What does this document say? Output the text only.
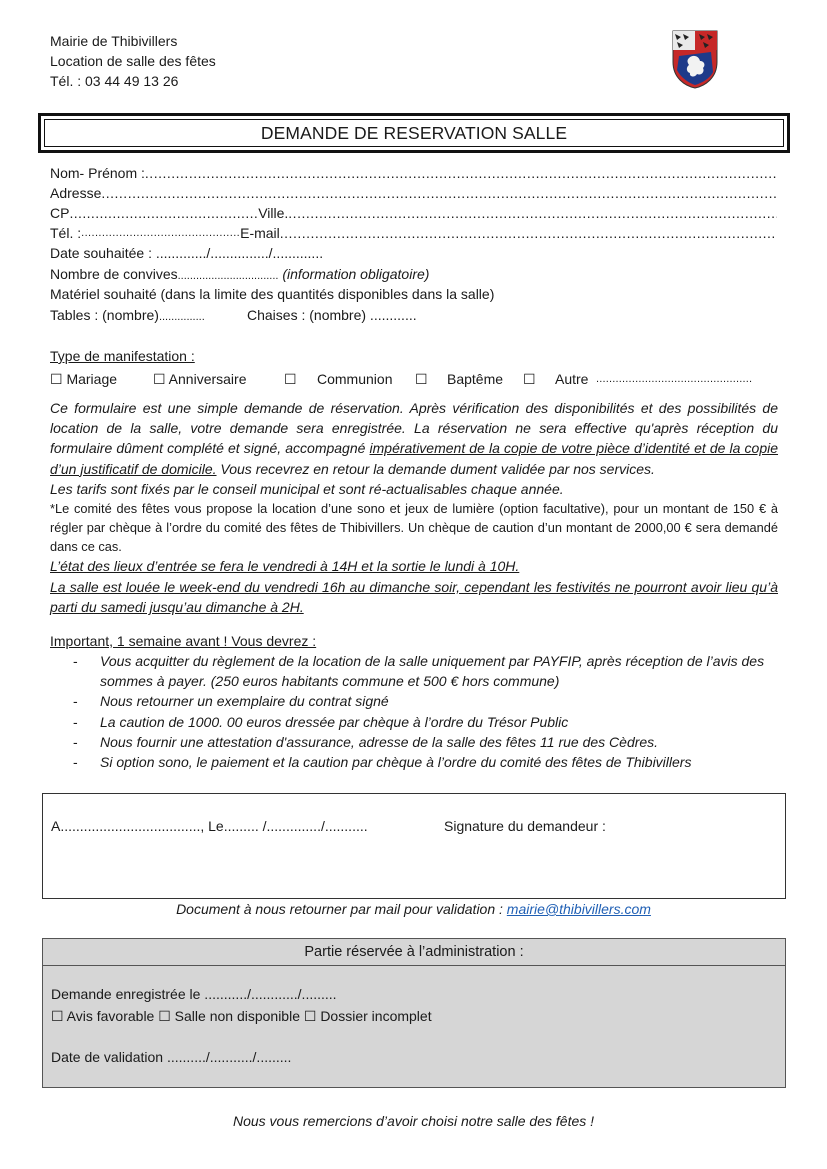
Mairie de Thibivillers
Location de salle des fêtes
Tél. : 03 44 49 13 26
DEMANDE DE RESERVATION SALLE
Nom- Prénom :
.....
Adresse
.....
CP ............................................ Ville.
.....
Tél. : .............................................. E-mail
.....
Date souhaitée : ............./.............../.............
Nombre de convives................................. (information obligatoire)
Matériel souhaité (dans la limite des quantités disponibles dans la salle)
Tables : (nombre)...............	Chaises : (nombre) ............
Type de manifestation :
☐ Mariage	☐ Anniversaire	☐ Communion ☐ Baptême ☐ Autre ................................................
Ce formulaire est une simple demande de réservation. Après vérification des disponibilités et des possibilités de location de la salle, votre demande sera enregistrée. La réservation ne sera effective qu'après réception du formulaire dûment complété et signé, accompagné impérativement de la copie de votre pièce d’identité et de la copie d’un justificatif de domicile. Vous recevrez en retour la demande dument validée par nos services.
Les tarifs sont fixés par le conseil municipal et sont ré-actualisables chaque année.
*Le comité des fêtes vous propose la location d’une sono et jeux de lumière (option facultative), pour un montant de 150 € à régler par chèque à l’ordre du comité des fêtes de Thibivillers. Un chèque de caution d’un montant de 2000,00 € sera demandé dans ce cas.
L’état des lieux d’entrée se fera le vendredi à 14H et la sortie le lundi à 10H.
La salle est louée le week-end du vendredi 16h au dimanche soir, cependant les festivités ne pourront avoir lieu qu’à parti du samedi jusqu’au dimanche à 2H.
Important, 1 semaine avant ! Vous devrez :
- Vous acquitter du règlement de la location de la salle uniquement par PAYFIP, après réception de l’avis des sommes à payer. (250 euros habitants commune et 500 € hors commune)
- Nous retourner un exemplaire du contrat signé
- La caution de 1000. 00 euros dressée par chèque à l’ordre du Trésor Public
- Nous fournir une attestation d'assurance, adresse de la salle des fêtes 11 rue des Cèdres.
- Si option sono, le paiement et la caution par chèque à l’ordre du comité des fêtes de Thibivillers
A...................................., Le......... /............../...........	Signature du demandeur :
Document à nous retourner par mail pour validation : mairie@thibivillers.com
Partie réservée à l’administration :
Demande enregistrée le .........../............/.........
☐ Avis favorable ☐ Salle non disponible ☐ Dossier incomplet
Date de validation ........../.........../.........
Nous vous remercions d’avoir choisi notre salle des fêtes !
